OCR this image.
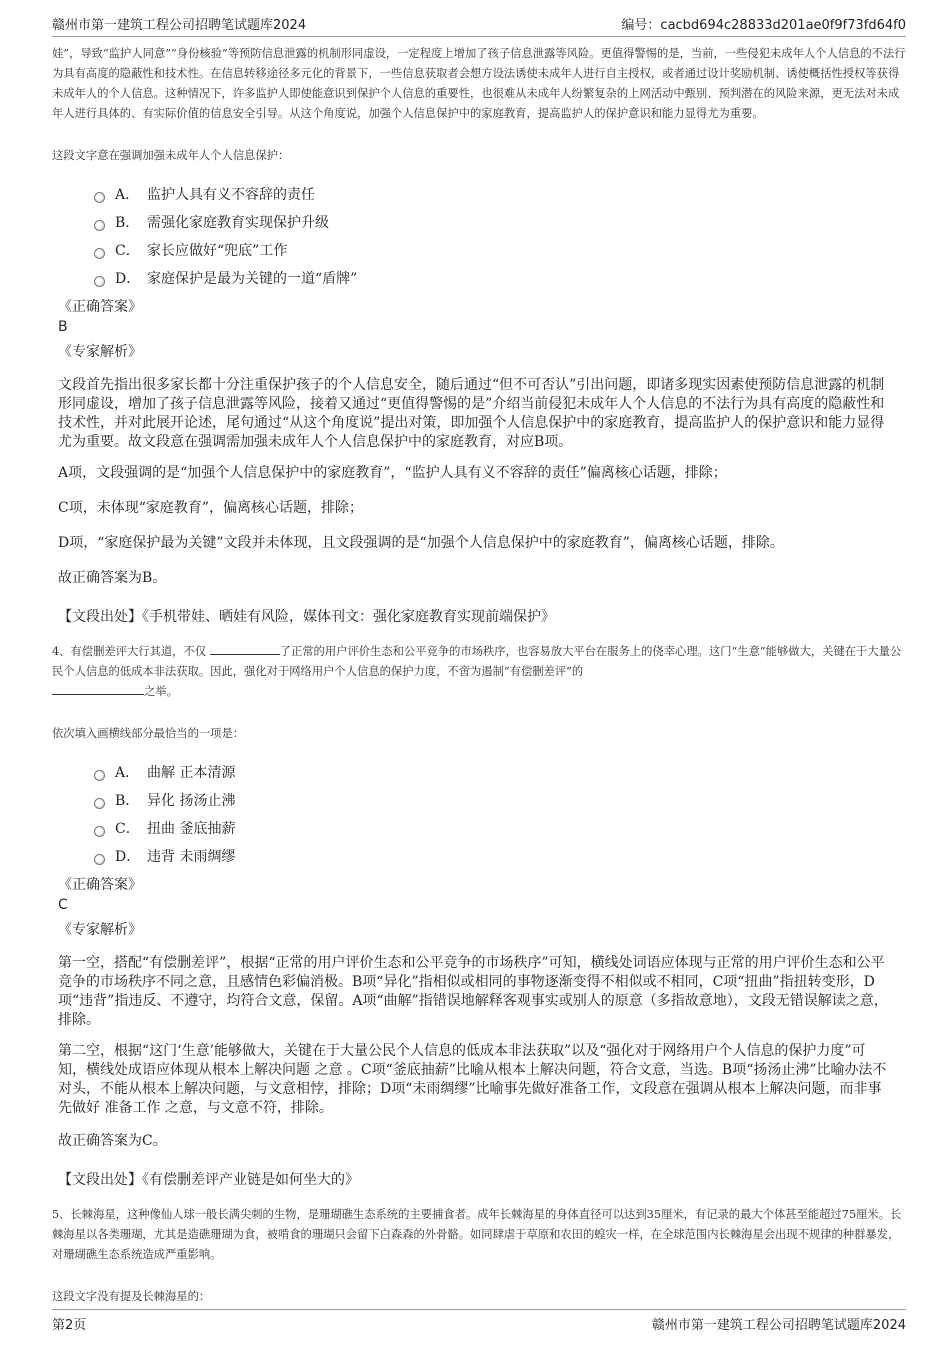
赣州市第一建筑工程公司招聘笔试题库2024	编号：cacbd694c28833d201ae0f9f73fd64f0

娃”，导致“监护人同意”“身份核验”等预防信息泄露的机制形同虚设，一定程度上增加了孩子信息泄露等风险。更值得警惕的是，当前，一些侵犯未成年人个人信息的不法行为具有高度的隐蔽性和技术性。在信息转移途径多元化的背景下，一些信息获取者会想方设法诱使未成年人进行自主授权，或者通过设计奖励机制、诱使概括性授权等获得未成年人的个人信息。这种情况下，许多监护人即使能意识到保护个人信息的重要性，也很难从未成年人纷繁复杂的上网活动中甄别、预判潜在的风险来源，更无法对未成年人进行具体的、有实际价值的信息安全引导。从这个角度说，加强个人信息保护中的家庭教育，提高监护人的保护意识和能力显得尤为重要。

这段文字意在强调加强未成年人个人信息保护：

A． 监护人具有义不容辞的责任
B． 需强化家庭教育实现保护升级
C． 家长应做好“兜底”工作
D． 家庭保护是最为关键的一道“盾牌”
《正确答案》
B
《专家解析》

文段首先指出很多家长都十分注重保护孩子的个人信息安全，随后通过“但不可否认”引出问题，即诸多现实因素使预防信息泄露的机制形同虚设，增加了孩子信息泄露等风险，接着又通过“更值得警惕的是”介绍当前侵犯未成年人个人信息的不法行为具有高度的隐蔽性和技术性，并对此展开论述，尾句通过“从这个角度说”提出对策，即加强个人信息保护中的家庭教育，提高监护人的保护意识和能力显得尤为重要。故文段意在强调需加强未成年人个人信息保护中的家庭教育，对应B项。

A项，文段强调的是“加强个人信息保护中的家庭教育”，“监护人具有义不容辞的责任”偏离核心话题，排除；

C项，未体现“家庭教育”，偏离核心话题，排除；

D项，“家庭保护最为关键”文段并未体现，且文段强调的是“加强个人信息保护中的家庭教育”，偏离核心话题，排除。

故正确答案为B。

【文段出处】《手机带娃、晒娃有风险，媒体刊文：强化家庭教育实现前端保护》

4、有偿删差评大行其道，不仅	了正常的用户评价生态和公平竞争的市场秩序，也容易放大平台在服务上的侥幸心理。这门“生意”能够做大，关键在于大量公民个人信息的低成本非法获取。因此，强化对于网络用户个人信息的保护力度，不啻为遏制“有偿删差评”的
之举。

依次填入画横线部分最恰当的一项是：

A． 曲解 正本清源
B． 异化 扬汤止沸
C． 扭曲 釜底抽薪
D． 违背 未雨绸缪
《正确答案》
C
《专家解析》

第一空，搭配“有偿删差评”，根据“正常的用户评价生态和公平竞争的市场秩序”可知，横线处词语应体现与正常的用户评价生态和公平竞争的市场秩序不同之意，且感情色彩偏消极。B项“异化”指相似或相同的事物逐渐变得不相似或不相同，C项“扭曲”指扭转变形，D项“违背”指违反、不遵守，均符合文意，保留。A项“曲解”指错误地解释客观事实或别人的原意（多指故意地），文段无错误解读之意，排除。

第二空，根据“这门‘生意’能够做大，关键在于大量公民个人信息的低成本非法获取”以及“强化对于网络用户个人信息的保护力度”可知，横线处成语应体现从根本上解决问题 之意 。C项“釜底抽薪”比喻从根本上解决问题，符合文意，当选。B项“扬汤止沸”比喻办法不对头，不能从根本上解决问题，与文意相悖，排除；D项“未雨绸缪”比喻事先做好准备工作，文段意在强调从根本上解决问题，而非事先做好 准备工作 之意，与文意不符，排除。

故正确答案为C。

【文段出处】《有偿删差评产业链是如何坐大的》

5、长棘海星，这种像仙人球一般长满尖刺的生物，是珊瑚礁生态系统的主要捕食者。成年长棘海星的身体直径可以达到35厘米，有记录的最大个体甚至能超过75厘米。长棘海星以各类珊瑚，尤其是造礁珊瑚为食，被啃食的珊瑚只会留下白森森的外骨骼。如同肆虐于草原和农田的蝗灾一样，在全球范围内长棘海星会出现不规律的种群暴发，对珊瑚礁生态系统造成严重影响。

这段文字没有提及长棘海星的：

第2页	赣州市第一建筑工程公司招聘笔试题库2024
